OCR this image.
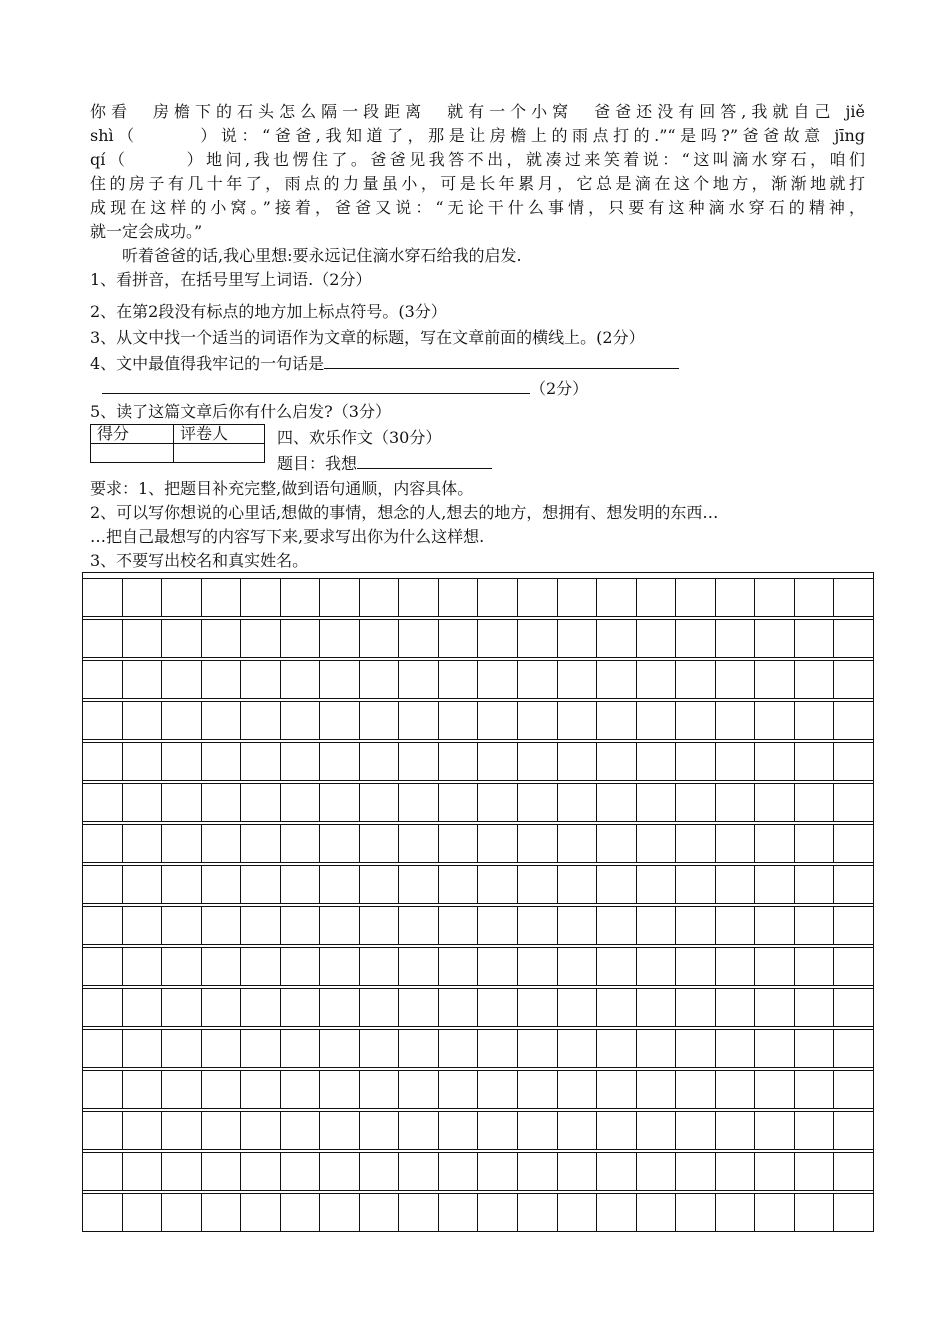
你看　房檐下的石头怎么隔一段距离　就有一个小窝　爸爸还没有回答,我就自己 jiě
shì（　　　）说：“爸爸,我知道了，那是让房檐上的雨点打的.”“是吗?”爸爸故意 jīng
qí（　　　）地问,我也愣住了。爸爸见我答不出，就凑过来笑着说：“这叫滴水穿石，咱们
住的房子有几十年了，雨点的力量虽小，可是长年累月，它总是滴在这个地方，渐渐地就打
成现在这样的小窝。”接着，爸爸又说：“无论干什么事情，只要有这种滴水穿石的精神，
就一定会成功。”
听着爸爸的话,我心里想:要永远记住滴水穿石给我的启发.
1、看拼音，在括号里写上词语.（2分）
2、在第2段没有标点的地方加上标点符号。(3分）
3、从文中找一个适当的词语作为文章的标题，写在文章前面的横线上。(2分）
4、文中最值得我牢记的一句话是
（2分）
5、读了这篇文章后你有什么启发?（3分）
得分	评卷人
		四、欢乐作文（30分）
题目：我想
要求：1、把题目补充完整,做到语句通顺，内容具体。
2、可以写你想说的心里话,想做的事情，想念的人,想去的地方，想拥有、想发明的东西…
…把自己最想写的内容写下来,要求写出你为什么这样想.
3、不要写出校名和真实姓名。
